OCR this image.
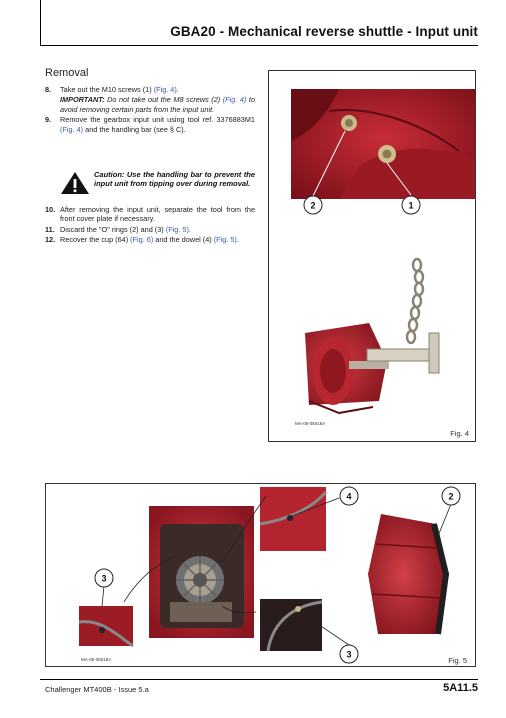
GBA20 - Mechanical reverse shuttle - Input unit
Removal
8.	Take out the M10 screws (1) (Fig. 4).
IMPORTANT: Do not take out the M8 screws (2) (Fig. 4) to avoid removing certain parts from the input unit.
9.	Remove the gearbox input unit using tool ref. 3376883M1 (Fig. 4) and the handling bar (see § C).
Caution: Use the handling bar to prevent the input unit from tipping over during removal.
10. After removing the input unit, separate the tool from the front cover plate if necessary.
11. Discard the "O" rings (2) and (3) (Fig. 5).
12. Recover the cup (64) (Fig. 6) and the dowel (4) (Fig. 5).
2	1
MA-05-05018A
Fig. 4
3
4	2
3
MA-05-05019A	Fig. 5
Challenger MT400B - Issue 5.a	5A11.5
